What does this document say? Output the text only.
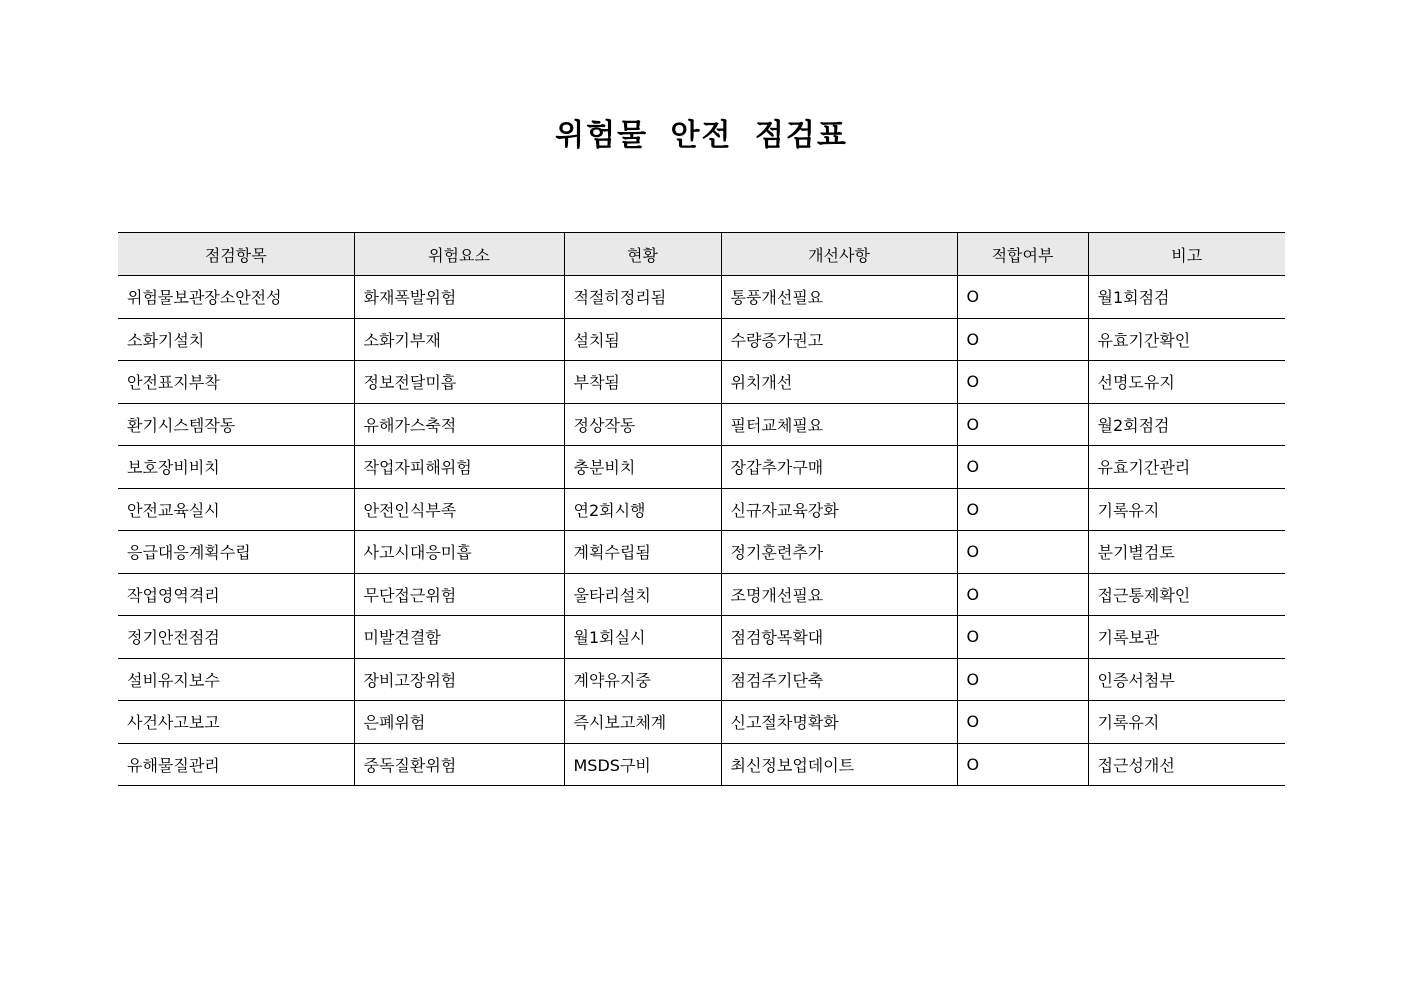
위험물 안전 점검표
점검항목	위험요소	현황	개선사항	적합여부	비고
위험물보관장소안전성	화재폭발위험	적절히정리됨	통풍개선필요	O	월1회점검
소화기설치	소화기부재	설치됨	수량증가권고	O	유효기간확인
안전표지부착	정보전달미흡	부착됨	위치개선	O	선명도유지
환기시스템작동	유해가스축적	정상작동	필터교체필요	O	월2회점검
보호장비비치	작업자피해위험	충분비치	장갑추가구매	O	유효기간관리
안전교육실시	안전인식부족	연2회시행	신규자교육강화	O	기록유지
응급대응계획수립	사고시대응미흡	계획수립됨	정기훈련추가	O	분기별검토
작업영역격리	무단접근위험	울타리설치	조명개선필요	O	접근통제확인
정기안전점검	미발견결함	월1회실시	점검항목확대	O	기록보관
설비유지보수	장비고장위험	계약유지중	점검주기단축	O	인증서첨부
사건사고보고	은폐위험	즉시보고체계	신고절차명확화	O	기록유지
유해물질관리	중독질환위험	MSDS구비	최신정보업데이트	O	접근성개선
